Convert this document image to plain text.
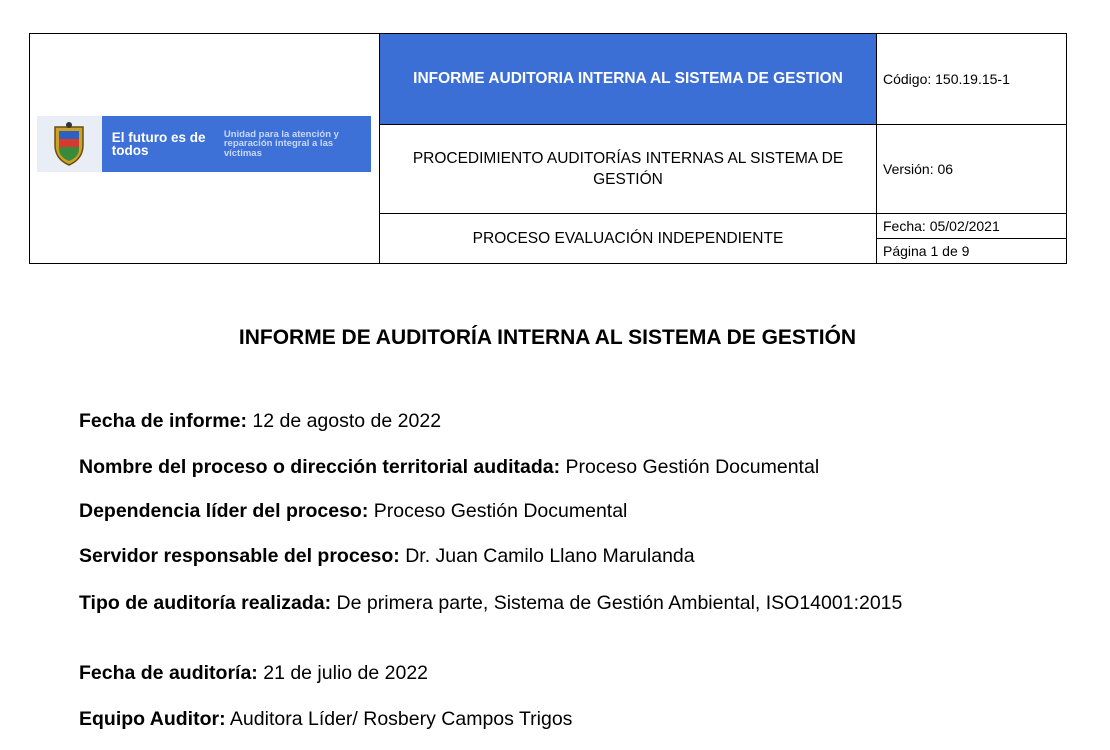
El futuro es de todos
Unidad para la atención y reparación integral a las víctimas
INFORME AUDITORIA INTERNA AL SISTEMA DE GESTION
PROCEDIMIENTO AUDITORÍAS INTERNAS AL SISTEMA DE GESTIÓN
PROCESO EVALUACIÓN INDEPENDIENTE
Código: 150.19.15-1
Versión: 06
Fecha: 05/02/2021
Página 1 de 9
INFORME DE AUDITORÍA INTERNA AL SISTEMA DE GESTIÓN
Fecha de informe: 12 de agosto de 2022
Nombre del proceso o dirección territorial auditada: Proceso Gestión Documental
Dependencia líder del proceso: Proceso Gestión Documental
Servidor responsable del proceso: Dr. Juan Camilo Llano Marulanda
Tipo de auditoría realizada: De primera parte, Sistema de Gestión Ambiental, ISO14001:2015
Fecha de auditoría: 21 de julio de 2022
Equipo Auditor: Auditora Líder/ Rosbery Campos Trigos
